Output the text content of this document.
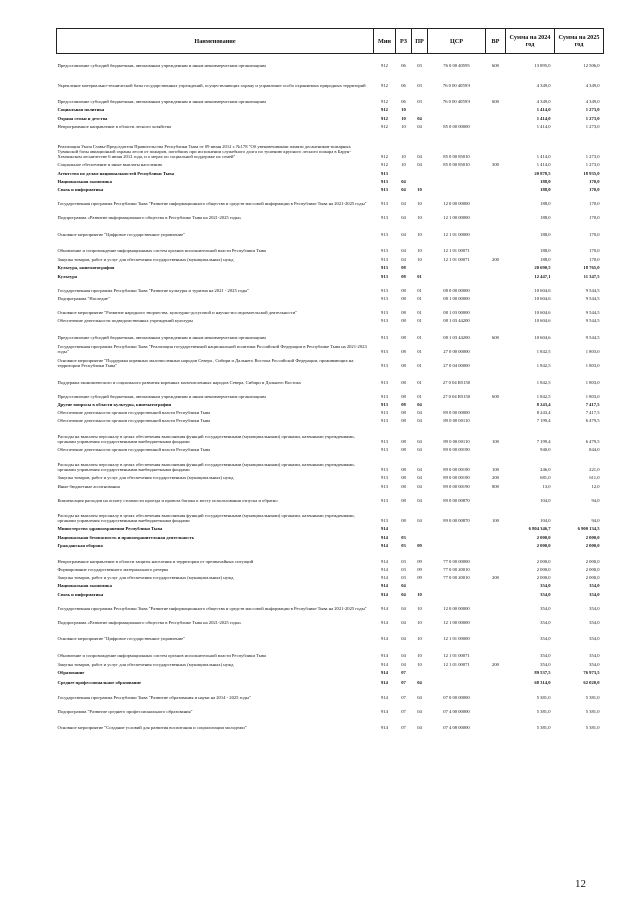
Наименование	Мин	РЗ	ПР	ЦСР	ВР	Сумма на 2024 год	Сумма на 2025 год
Предоставление субсидий бюджетным, автономным учреждениям и иным некоммерческим организациям	912	06	03	76 0 00 40595	600	13 895,0	12 506,0
Укрепление материально-технической базы государственных учреждений, осуществляющих охрану и управление особо охраняемых природных территорий	912	06	03	76 0 00 4059Э		4 349,0	4 349,0
Предоставление субсидий бюджетным, автономным учреждениям и иным некоммерческим организациям	912	06	03	76 0 00 4059Э	600	4 349,0	4 349,0
Социальная политика	912	10				1 414,0	1 273,0
Охрана семьи и детства	912	10	04			1 414,0	1 273,0
Непрограммное направление в области лесного хозяйства	912	10	04	85 0 00 00000		1 414,0	1 273,0
Реализация Указа Главы-Председателя Правительства Республики Тыва от 09 июня 2012 г. №178 "Об увековечивании памяти десантников-пожарных Тувинской базы авиационной охраны лесов от пожаров, погибших при исполнении служебного долга по тушению крупного лесного пожара в Барун-Хемчикском лесничестве 6 июня 2012 года, и о мерах по социальной поддержке их семей"	912	10	04	85 0 00 85010		1 414,0	1 273,0
Социальное обеспечение и иные выплаты населению	912	10	04	85 0 00 85010	300	1 414,0	1 273,0
Агентство по делам национальностей Республики Тыва	913					20 878,5	18 935,0
Национальная экономика	913	04				188,0	170,0
Связь и информатика	913	04	10			188,0	170,0
Государственная программа Республики Тыва "Развитие информационного общества и средств массовой информации в Республике Тыва на 2021-2025 годы"	913	04	10	12 0 00 00000		188,0	170,0
Подпрограмма «Развитие информационного общества в Республике Тыва на 2021-2025 годы»	913	04	10	12 1 00 00000		188,0	170,0
Основное мероприятие "Цифровое государственное управление"	913	04	10	12 1 01 00000		188,0	170,0
Обновление и сопровождение информационных систем органов исполнительной власти Республики Тыва	913	04	10	12 1 01 00071		188,0	170,0
Закупка товаров, работ и услуг для обеспечения государственных (муниципальных) нужд	913	04	10	12 1 01 00071	200	188,0	170,0
Культура, кинематография	913	08				20 690,5	18 765,0
Культура	913	08	01			12 447,1	11 347,5
Государственная программа Республики Тыва "Развитие культуры и туризма на 2021 - 2025 годы"	913	08	01	08 0 00 00000		10 604,6	9 544,5
Подпрограмма "Наследие"	913	08	01	08 1 00 00000		10 604,6	9 544,5
Основное мероприятие "Развитие народного творчества, культурно-досуговой и научно-исследовательской деятельности"	913	08	01	08 1 03 00000		10 604,6	9 544,5
Обеспечение деятельности подведомственных учреждений культуры	913	08	01	08 1 03 44200		10 604,6	9 544,5
Предоставление субсидий бюджетным, автономным учреждениям и иным некоммерческим организациям	913	08	01	08 1 03 44200	600	10 604,6	9 544,5
Государственная программа Республики Тыва "Реализация государственной национальной политики Российской Федерации в Республике Тыва на 2021-2023 годы"	913	08	01	27 0 00 00000		1 842,5	1 803,0
Основное мероприятие "Поддержка коренных малочисленных народов Севера , Сибири и Дальнего Востока Российской Федерации, проживающих на территории Республики Тыва"	913	08	01	27 0 04 00000		1 842,5	1 803,0
Поддержка экономического и социального развития коренных малочисленных народов Севера, Сибири и Дальнего Востока	913	08	01	27 0 04 R5150		1 842,5	1 803,0
Предоставление субсидий бюджетным, автономным учреждениям и иным некоммерческим организациям	913	08	01	27 0 04 R5150	600	1 842,5	1 803,0
Другие вопросы в области культуры, кинематографии	913	08	04			8 243,4	7 417,5
Обеспечение деятельности органов государственной власти Республики Тыва	913	08	04	89 0 00 00000		8 243,4	7 417,5
Обеспечение деятельности органов государственной власти Республики Тыва	913	08	04	89 0 00 00110		7 199,4	6 479,5
Расходы на выплаты персоналу в целях обеспечения выполнения функций государственными (муниципальными) органами, казенными учреждениями, органами управления государственными внебюджетными фондами	913	08	04	89 0 00 00110	100	7 199,4	6 479,5
Обеспечение деятельности органов государственной власти Республики Тыва	913	08	04	89 0 00 00190		940,0	844,0
Расходы на выплаты персоналу в целях обеспечения выполнения функций государственными (муниципальными) органами, казенными учреждениями, органами управления государственными внебюджетными фондами	913	08	04	89 0 00 00190	100	246,0	221,0
Закупка товаров, работ и услуг для обеспечения государственных (муниципальных) нужд	913	08	04	89 0 00 00190	200	681,0	611,0
Иные бюджетные ассигнования	913	08	04	89 0 00 00190	800	13,0	12,0
Компенсация расходов на оплату стоимости проезда и провоза багажа к месту использования отпуска и обратно	913	08	04	89 0 00 00870		104,0	94,0
Расходы на выплаты персоналу в целях обеспечения выполнения функций государственными (муниципальными) органами, казенными учреждениями, органами управления государственными внебюджетными фондами	913	08	04	89 0 00 00870	100	104,0	94,0
Министерство здравоохранения Республики Тыва	914					6 804 346,7	6 900 134,5
Национальная безопасность и правоохранительная деятельность	914	03				2 000,0	2 000,0
Гражданская оборона	914	03	09			2 000,0	2 000,0
Непрограммное направление в области защиты населения и территории от чрезвычайных ситуаций	914	03	09	77 0 00 00000		2 000,0	2 000,0
Формирование государственного материального резерва	914	03	09	77 0 00 20010		2 000,0	2 000,0
Закупка товаров, работ и услуг для обеспечения государственных (муниципальных) нужд	914	03	09	77 0 00 20010	200	2 000,0	2 000,0
Национальная экономика	914	04				354,0	354,0
Связь и информатика	914	04	10			354,0	354,0
Государственная программа Республики Тыва "Развитие информационного общества и средств массовой информации в Республике Тыва на 2021-2025 годы"	914	04	10	12 0 00 00000		354,0	354,0
Подпрограмма «Развитие информационного общества в Республике Тыва на 2021-2025 годы»	914	04	10	12 1 00 00000		354,0	354,0
Основное мероприятие "Цифровое государственное управление"	914	04	10	12 1 01 00000		354,0	354,0
Обновление и сопровождение информационных систем органов исполнительной власти Республики Тыва	914	04	10	12 1 01 00071		354,0	354,0
Закупка товаров, работ и услуг для обеспечения государственных (муниципальных) нужд	914	04	10	12 1 01 00071	200	354,0	354,0
Образование	914	07				89 537,5	76 973,5
Среднее профессиональное образование	914	07	04			68 314,0	62 020,0
Государственная программа Республики Тыва "Развитие образования и науки на 2014 - 2025 годы"	914	07	04	07 0 00 00000		5 381,0	5 381,0
Подпрограмма "Развитие среднего профессионального образования"	914	07	04	07 4 00 00000		5 381,0	5 381,0
Основное мероприятие "Создание условий для развития воспитания и социализации молодежи"	914	07	04	07 4 08 00000		5 381,0	5 381,0
12
